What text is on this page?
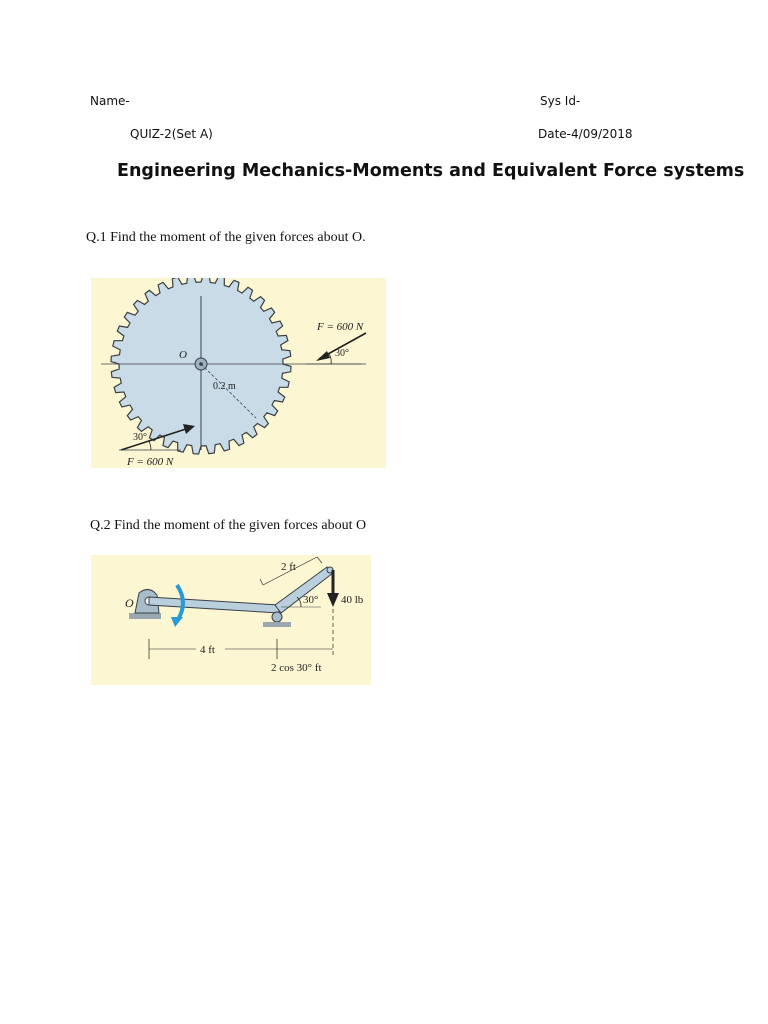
Name-	Sys Id-
QUIZ-2(Set A)	Date-4/09/2018
Engineering Mechanics-Moments and Equivalent Force systems
Q.1 Find the moment of the given forces about O.
F = 600 N
30°
O
0.2 m
30°
F = 600 N
Q.2 Find the moment of the given forces about O
2 ft
30° 40 lb
O
4 ft
2 cos 30° ft
